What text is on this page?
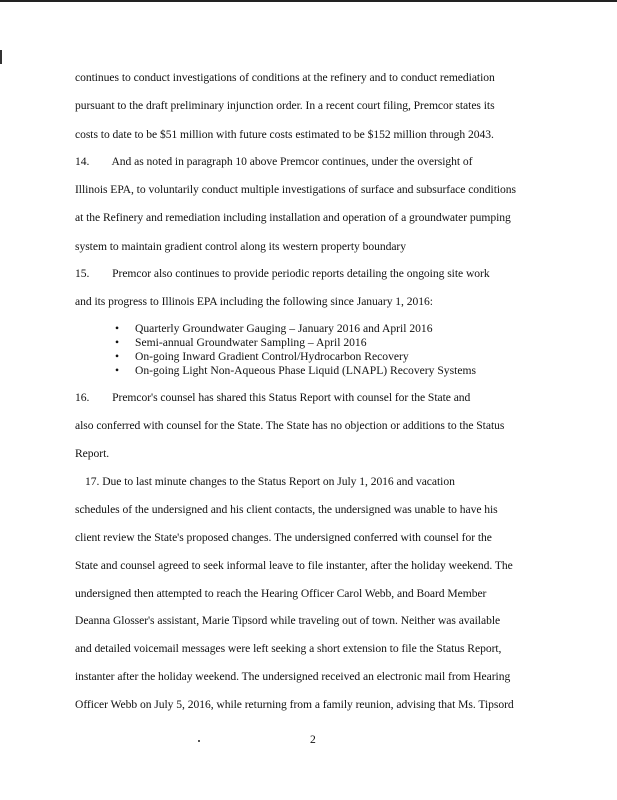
continues to conduct investigations of conditions at the refinery and to conduct remediation
pursuant to the draft preliminary injunction order. In a recent court filing, Premcor states its
costs to date to be $51 million with future costs estimated to be $152 million through 2043.
14.        And as noted in paragraph 10 above Premcor continues, under the oversight of
Illinois EPA, to voluntarily conduct multiple investigations of surface and subsurface conditions
at the Refinery and remediation including installation and operation of a groundwater pumping
system to maintain gradient control along its western property boundary
15.        Premcor also continues to provide periodic reports detailing the ongoing site work
and its progress to Illinois EPA including the following since January 1, 2016:
• Quarterly Groundwater Gauging – January 2016 and April 2016
• Semi-annual Groundwater Sampling – April 2016
• On-going Inward Gradient Control/Hydrocarbon Recovery
• On-going Light Non-Aqueous Phase Liquid (LNAPL) Recovery Systems
16.        Premcor's counsel has shared this Status Report with counsel for the State and
also conferred with counsel for the State. The State has no objection or additions to the Status
Report.
17. Due to last minute changes to the Status Report on July 1, 2016 and vacation
schedules of the undersigned and his client contacts, the undersigned was unable to have his
client review the State's proposed changes. The undersigned conferred with counsel for the
State and counsel agreed to seek informal leave to file instanter, after the holiday weekend. The
undersigned then attempted to reach the Hearing Officer Carol Webb, and Board Member
Deanna Glosser's assistant, Marie Tipsord while traveling out of town. Neither was available
and detailed voicemail messages were left seeking a short extension to file the Status Report,
instanter after the holiday weekend. The undersigned received an electronic mail from Hearing
Officer Webb on July 5, 2016, while returning from a family reunion, advising that Ms. Tipsord
2
